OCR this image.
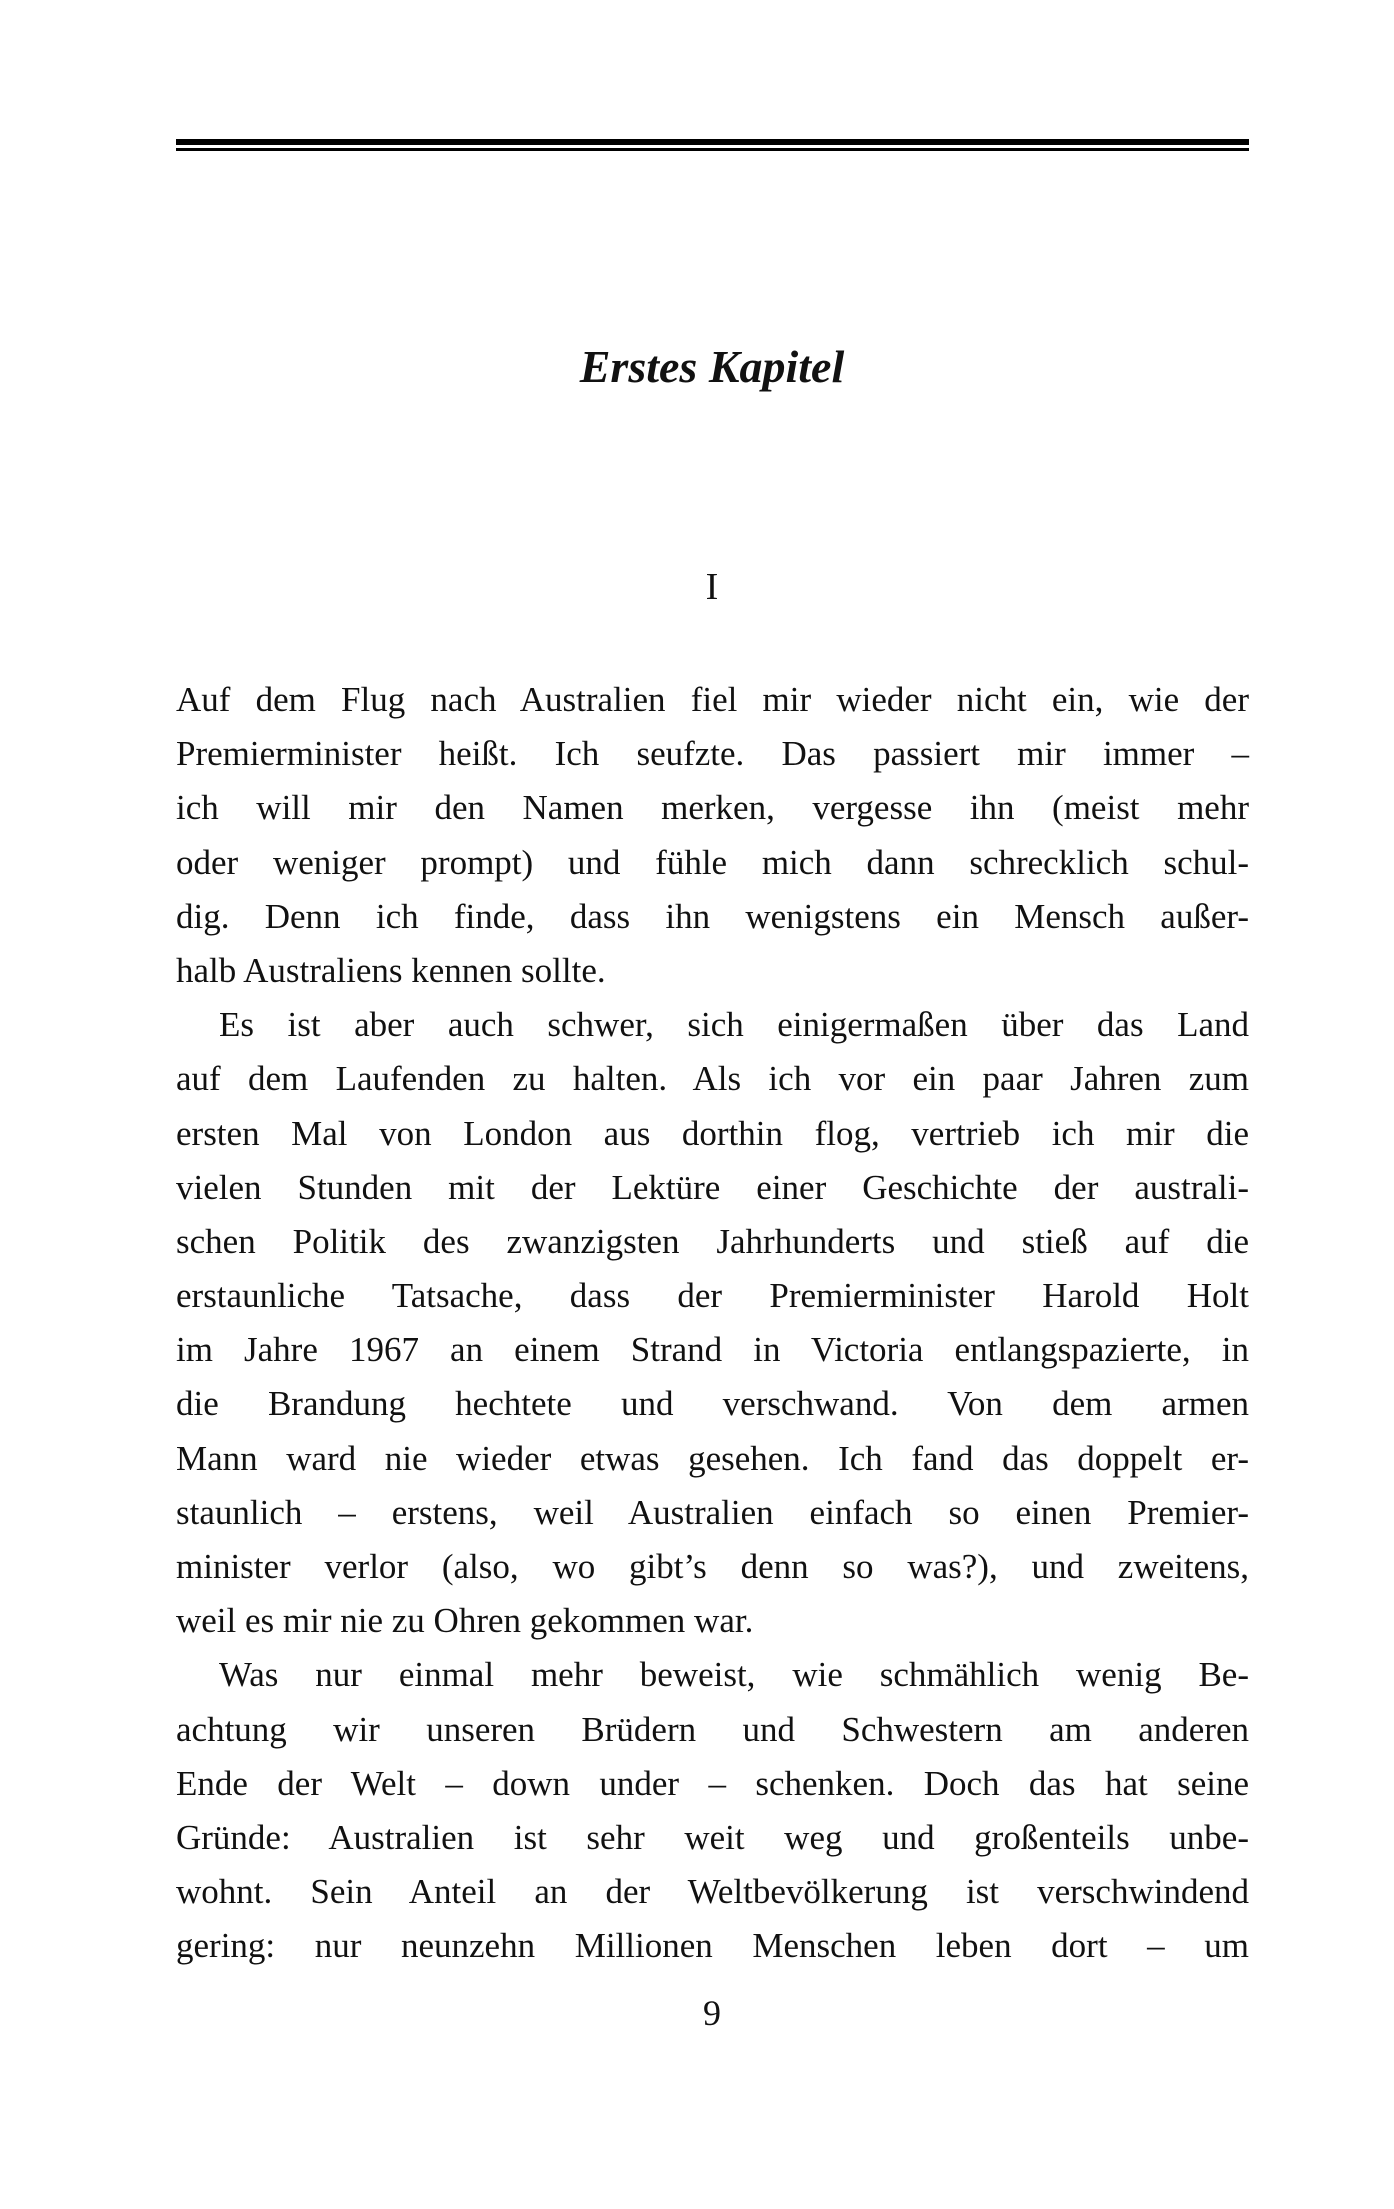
Erstes Kapitel
I
Auf dem Flug nach Australien fiel mir wieder nicht ein, wie der
Premierminister heißt. Ich seufzte. Das passiert mir immer –
ich will mir den Namen merken, vergesse ihn (meist mehr
oder weniger prompt) und fühle mich dann schrecklich schul-
dig. Denn ich finde, dass ihn wenigstens ein Mensch außer-
halb Australiens kennen sollte.
Es ist aber auch schwer, sich einigermaßen über das Land
auf dem Laufenden zu halten. Als ich vor ein paar Jahren zum
ersten Mal von London aus dorthin flog, vertrieb ich mir die
vielen Stunden mit der Lektüre einer Geschichte der australi-
schen Politik des zwanzigsten Jahrhunderts und stieß auf die
erstaunliche Tatsache, dass der Premierminister Harold Holt
im Jahre 1967 an einem Strand in Victoria entlangspazierte, in
die Brandung hechtete und verschwand. Von dem armen
Mann ward nie wieder etwas gesehen. Ich fand das doppelt er-
staunlich – erstens, weil Australien einfach so einen Premier-
minister verlor (also, wo gibt’s denn so was?), und zweitens,
weil es mir nie zu Ohren gekommen war.
Was nur einmal mehr beweist, wie schmählich wenig Be-
achtung wir unseren Brüdern und Schwestern am anderen
Ende der Welt – down under – schenken. Doch das hat seine
Gründe: Australien ist sehr weit weg und großenteils unbe-
wohnt. Sein Anteil an der Weltbevölkerung ist verschwindend
gering: nur neunzehn Millionen Menschen leben dort – um
9
